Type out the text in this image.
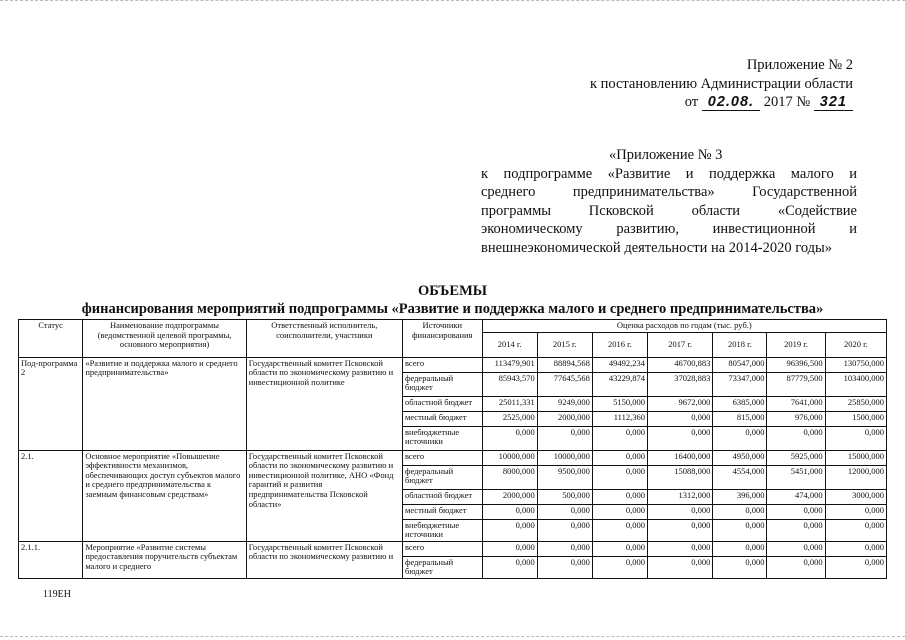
Приложение № 2
к постановлению Администрации области
от 02.08. 2017 № 321
«Приложение № 3
к подпрограмме «Развитие и поддержка малого и
среднего предпринимательства» Государственной
программы Псковской области «Содействие
экономическому развитию, инвестиционной и
внешнеэкономической деятельности на 2014-2020 годы»
ОБЪЕМЫ
финансирования мероприятий подпрограммы «Развитие и поддержка малого и среднего предпринимательства»
Статус	Наименование подпрограммы (ведомственной целевой программы, основного мероприятия)	Ответственный исполнитель, соисполнители, участники	Источники финансирования	Оценка расходов по годам (тыс. руб.)						
				2014 г.	2015 г.	2016 г.	2017 г.	2018 г.	2019 г.	2020 г.
Под-программа 2	«Развитие и поддержка малого и среднего предпринимательства»	Государственный комитет Псковской области по экономическому развитию и инвестиционной политике	всего	113479,901	88894,568	49492,234	46700,883	80547,000	96396,500	130750,000
			федеральный бюджет	85943,570	77645,568	43229,874	37028,883	73347,000	87779,500	103400,000
			областной бюджет	25011,331	9249,000	5150,000	9672,000	6385,000	7641,000	25850,000
			местный бюджет	2525,000	2000,000	1112,360	0,000	815,000	976,000	1500,000
			внебюджетные источники	0,000	0,000	0,000	0,000	0,000	0,000	0,000
2.1.	Основное мероприятие «Повышение эффективности механизмов, обеспечивающих доступ субъектов малого и среднего предпринимательства к заемным финансовым средствам»	Государственный комитет Псковской области по экономическому развитию и инвестиционной политике, АНО «Фонд гарантий и развития предпринимательства Псковской области»	всего	10000,000	10000,000	0,000	16400,000	4950,000	5925,000	15000,000
			федеральный бюджет	8000,000	9500,000	0,000	15088,000	4554,000	5451,000	12000,000
			областной бюджет	2000,000	500,000	0,000	1312,000	396,000	474,000	3000,000
			местный бюджет	0,000	0,000	0,000	0,000	0,000	0,000	0,000
			внебюджетные источники	0,000	0,000	0,000	0,000	0,000	0,000	0,000
2.1.1.	Мероприятие «Развитие системы предоставления поручительств субъектам малого и среднего	Государственный комитет Псковской области по экономическому развитию и	всего	0,000	0,000	0,000	0,000	0,000	0,000	0,000
			федеральный бюджет	0,000	0,000	0,000	0,000	0,000	0,000	0,000
119ЕН
